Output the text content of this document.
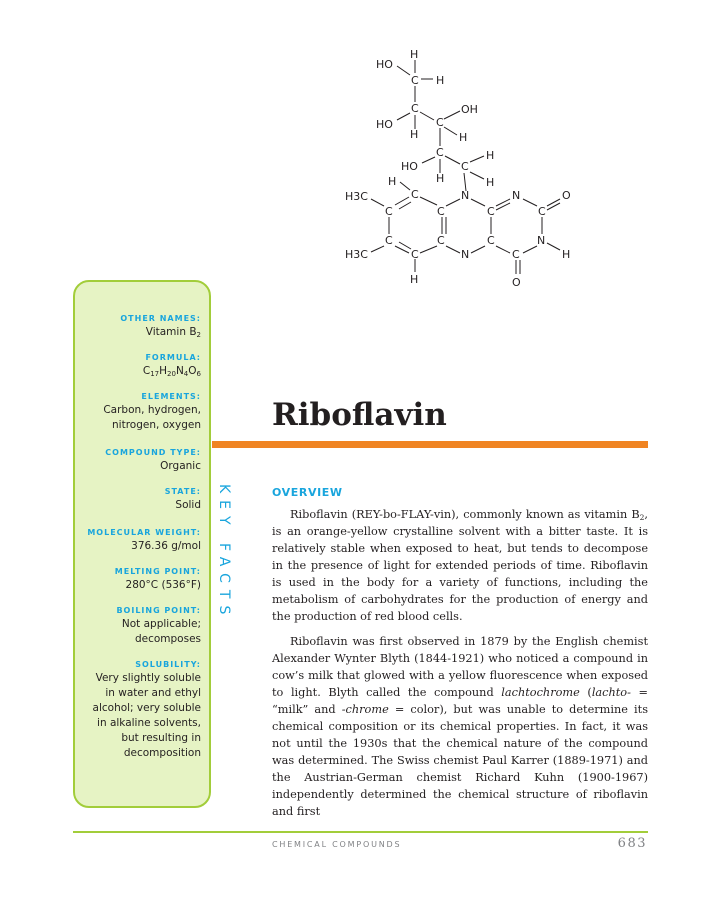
H
HO
C H
C
HO
H
C
OH
H
C
HO
H
C
H
H
H
C	N	N
C
O
H3C
C	C	C
N
H
H3C
C	C	C
N	C
C
H	O
OTHER NAMES:
Vitamin $B_2$
FORMULA:
$C_{17}H_{20}N_4O_6$
ELEMENTS:
Carbon, hydrogen,
nitrogen, oxygen
COMPOUND TYPE:
Organic
STATE:
Solid
MOLECULAR WEIGHT:
376.36 g/mol
MELTING POINT:
280°C (536°F)
BOILING POINT:
Not applicable;
decomposes
SOLUBILITY:
Very slightly soluble
in water and ethyl
alcohol; very soluble
in alkaline solvents,
but resulting in
decomposition
KEY FACTS
Riboflavin
OVERVIEW

Riboflavin (REY-bo-FLAY-vin), commonly known as vitamin $B_2$, is an orange-yellow crystalline solvent with a bitter taste. It is relatively stable when exposed to heat, but tends to decompose in the presence of light for extended periods of time. Riboflavin is used in the body for a variety of functions, including the metabolism of carbohydrates for the production of energy and the production of red blood cells.

Riboflavin was first observed in 1879 by the English chemist Alexander Wynter Blyth (1844-1921) who noticed a compound in cow’s milk that glowed with a yellow fluorescence when exposed to light. Blyth called the compound lachtochrome (lachto- = “milk” and -chrome = color), but was unable to determine its chemical composition or its chemical properties. In fact, it was not until the 1930s that the chemical nature of the compound was determined. The Swiss chemist Paul Karrer (1889-1971) and the Austrian-German chemist Richard Kuhn (1900-1967) independently determined the chemical structure of riboflavin and first

CHEMICAL COMPOUNDS	683
